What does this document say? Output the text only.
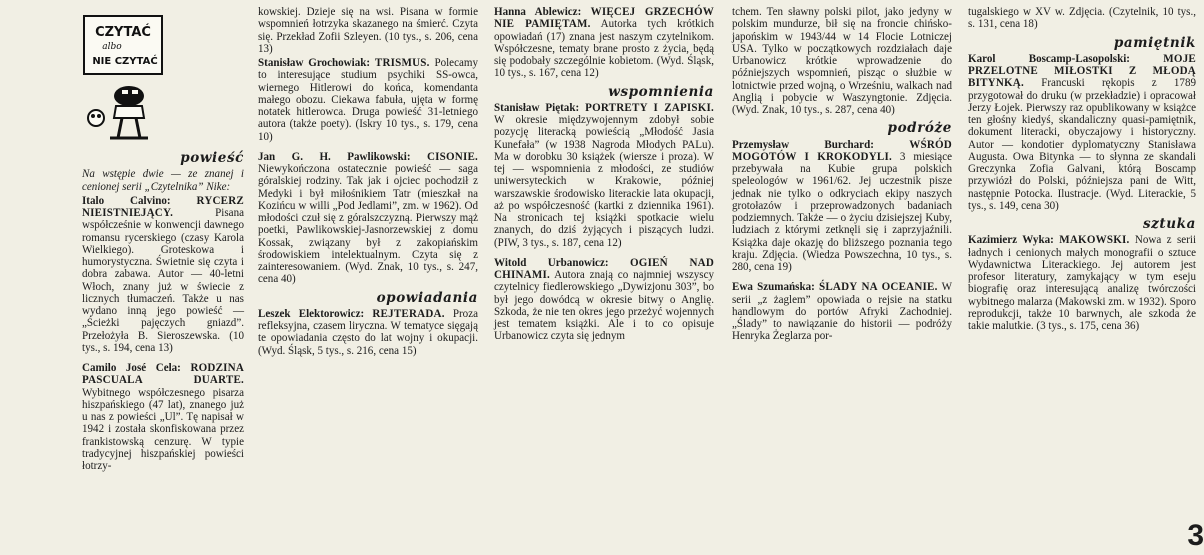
CZYTAĆ
albo
NIE CZYTAĆ
powieść

Na wstępie dwie — ze znanej i cenionej serii „Czytelnika” Nike:

Italo Calvino: RYCERZ NIEISTNIEJĄCY.	Pisana współcześnie w konwencji dawnego romansu rycerskiego (czasy Karola Wielkiego). Groteskowa i humorystyczna. Świetnie się czyta i dobra zabawa. Autor — 40-letni Włoch, znany już w świecie z licznych tłumaczeń. Także u nas wydano inną jego powieść — „Ścieżki pajęczych gniazd”. Przełożyła B. Sieroszewska. (10 tys., s. 194, cena 13)

Camilo José Cela: RODZINA PASCUALA DUARTE. Wybitnego współczesnego pisarza hiszpańskiego (47 lat), znanego już u nas z powieści „Ul”. Tę napisał w 1942 i została skonfiskowana przez frankistowską cenzurę. W typie tradycyjnej hiszpańskiej powieści łotrzy-

kowskiej. Dzieje się na wsi. Pisana w formie wspomnień łotrzyka skazanego na śmierć. Czyta się. Przekład Zofii Szleyen. (10 tys., s. 206, cena 13)

Stanisław Grochowiak: TRISMUS. Polecamy to interesujące studium psychiki SS-owca, wiernego Hitlerowi do końca, komendanta małego obozu. Ciekawa fabuła, ujęta w formę notatek hitlerowca. Druga powieść 31-letniego autora (także poety). (Iskry 10 tys., s. 179, cena 10)

Jan G. H. Pawlikowski: CISONIE. Niewykończona ostatecznie powieść — saga góralskiej rodziny. Tak jak i ojciec pochodził z Medyki i był miłośnikiem Tatr (mieszkał na Kozińcu w willi „Pod Jedlami”, zm. w 1962). Od młodości czuł się z góralszczyzną. Pierwszy mąż poetki, Pawlikowskiej-Jasnorzewskiej z domu Kossak, związany był z zakopiańskim środowiskiem intelektualnym. Czyta się z zainteresowaniem. (Wyd. Znak, 10 tys., s. 247, cena 40)

opowiadania

Leszek Elektorowicz: REJTERADA. Proza refleksyjna, czasem liryczna. W tematyce sięgają te opowiadania często do lat wojny i okupacji. (Wyd. Śląsk, 5 tys., s. 216, cena 15)

Hanna Ablewicz: WIĘCEJ GRZECHÓW NIE PAMIĘTAM. Autorka tych krótkich opowiadań (17) znana jest naszym czytelnikom. Współczesne, tematy brane prosto z życia, będą się podobały szczególnie kobietom. (Wyd. Śląsk, 10 tys., s. 167, cena 12)

wspomnienia

Stanisław Piętak: PORTRETY I ZAPISKI. W okresie międzywojennym zdobył sobie pozycję literacką powieścią „Młodość Jasia Kunefała” (w 1938 Nagroda Młodych PALu). Ma w dorobku 30 książek (wiersze i proza). W tej — wspomnienia z młodości, ze studiów uniwersyteckich w Krakowie, później warszawskie środowisko literackie lata okupacji, aż po współczesność (kartki z dziennika 1961). Na stronicach tej książki spotkacie wielu znanych, do dziś żyjących i piszących ludzi. (PIW, 3 tys., s. 187, cena 12)

Witold Urbanowicz: OGIEŃ NAD CHINAMI. Autora znają co najmniej wszyscy czytelnicy fiedlerowskiego „Dywizjonu 303”, bo był jego dowódcą w okresie bitwy o Anglię. Szkoda, że nie ten okres jego przeżyć wojennych jest tematem książki. Ale i to co opisuje Urbanowicz czyta się jednym

tchem. Ten sławny polski pilot, jako jedyny w polskim mundurze, bił się na froncie chińsko-japońskim w 1943/44 w 14 Flocie Lotniczej USA. Tylko w początkowych rozdziałach daje Urbanowicz krótkie wprowadzenie do późniejszych wspomnień, pisząc o służbie w lotnictwie przed wojną, o Wrześniu, walkach nad Anglią i pobycie w Waszyngtonie. Zdjęcia. (Wyd. Znak, 10 tys., s. 287, cena 40)

podróże

Przemysław Burchard:	WŚRÓD MOGOTÓW I KROKODYLI. 3 miesiące przebywała na Kubie grupa polskich speleologów w 1961/62. Jej uczestnik pisze jednak nie tylko o odkryciach ekipy naszych grotołazów i przeprowadzonych badaniach podziemnych. Także — o życiu dzisiejszej Kuby, ludziach z którymi zetknęli się i zaprzyjaźnili. Książka daje okazję do bliższego poznania tego kraju. Zdjęcia. (Wiedza Powszechna, 10 tys., s. 280, cena 19)

Ewa Szumańska: ŚLADY NA OCEANIE. W serii „z żaglem” opowiada o rejsie na statku handlowym do portów Afryki Zachodniej. „Ślady” to nawiązanie do historii — podróży Henryka Żeglarza por-

tugalskiego w XV w. Zdjęcia. (Czytelnik, 10 tys., s. 131, cena 18)

pamiętnik

Karol Boscamp-Lasopolski:	MOJE PRZELOTNE MIŁOSTKI Z MŁODĄ BITYNKĄ. Francuski rękopis z 1789 przygotował do druku (w przekładzie) i opracował Jerzy Łojek. Pierwszy raz opublikowany w książce ten głośny kiedyś, skandaliczny quasi-pamiętnik, dokument literacki, obyczajowy i historyczny. Autor — kondotier dyplomatyczny Stanisława Augusta. Owa Bitynka — to słynna ze skandali Greczynka Zofia Galvani, którą Boscamp przywiózł do Polski, późniejsza pani de Witt, następnie Potocka. Ilustracje. (Wyd. Literackie, 5 tys., s. 149, cena 30)

sztuka

Kazimierz Wyka: MAKOWSKI. Nowa z serii ładnych i cenionych małych monografii o sztuce Wydawnictwa Literackiego. Jej autorem jest profesor literatury, zamykający w tym eseju biografię oraz interesującą analizę twórczości wybitnego malarza (Makowski zm. w 1932). Sporo reprodukcji, także 10 barwnych, ale szkoda że takie malutkie. (3 tys., s. 175, cena 36)

3
